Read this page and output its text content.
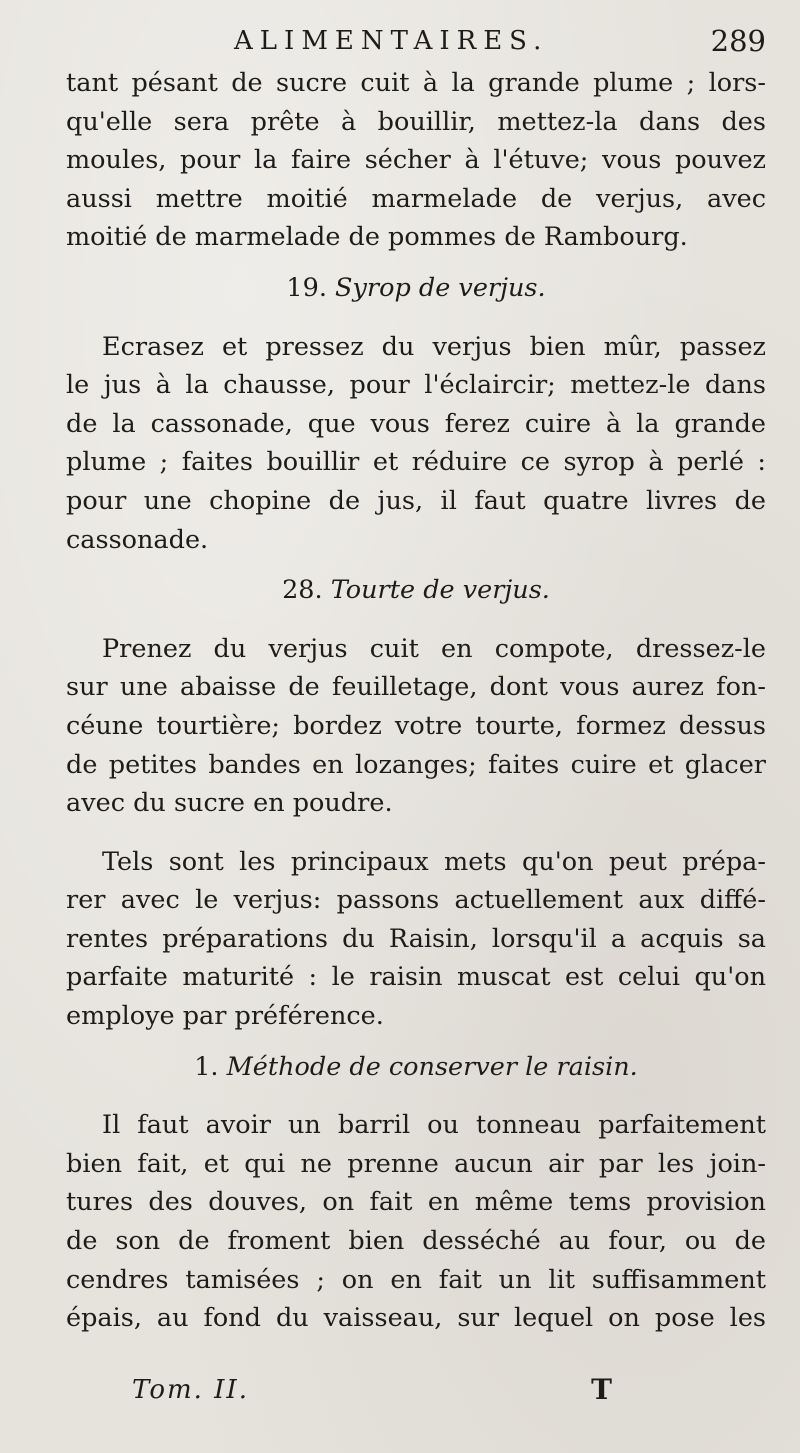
ALIMENTAIRES.	289
tant pésant de sucre cuit à la grande plume ; lors-
qu'elle sera prête à bouillir, mettez-la dans des
moules, pour la faire sécher à l'étuve; vous pouvez
aussi mettre moitié marmelade de verjus, avec
moitié de marmelade de pommes de Rambourg.
19. Syrop de verjus.
Ecrasez et pressez du verjus bien mûr, passez
le jus à la chausse, pour l'éclaircir; mettez-le dans
de la cassonade, que vous ferez cuire à la grande
plume ; faites bouillir et réduire ce syrop à perlé :
pour une chopine de jus, il faut quatre livres de
cassonade.
28. Tourte de verjus.
Prenez du verjus cuit en compote, dressez-le
sur une abaisse de feuilletage, dont vous aurez fon-
céune tourtière; bordez votre tourte, formez dessus
de petites bandes en lozanges; faites cuire et glacer
avec du sucre en poudre.
Tels sont les principaux mets qu'on peut prépa-
rer avec le verjus: passons actuellement aux diffé-
rentes préparations du Raisin, lorsqu'il a acquis sa
parfaite maturité : le raisin muscat est celui qu'on
employe par préférence.
1. Méthode de conserver le raisin.
Il faut avoir un barril ou tonneau parfaitement
bien fait, et qui ne prenne aucun air par les join-
tures des douves, on fait en même tems provision
de son de froment bien desséché au four, ou de
cendres tamisées ; on en fait un lit suffisamment
épais, au fond du vaisseau, sur lequel on pose les
Tom. II.	T
